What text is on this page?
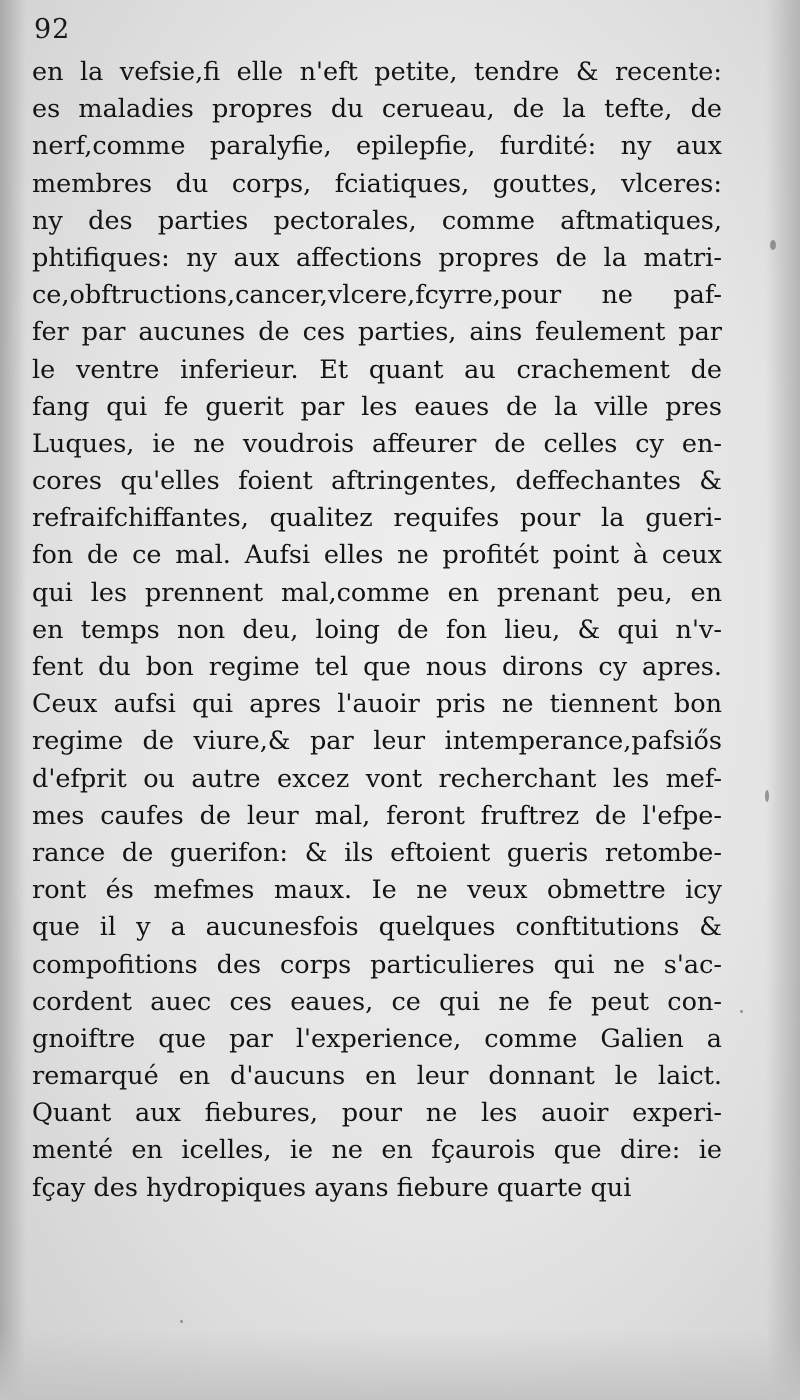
92
en la vefsie,fi elle n'eft petite, tendre & recente:
es maladies propres du cerueau, de la tefte, de
nerf,comme paralyfie, epilepfie, furdité: ny aux
membres du corps, fciatiques, gouttes, vlceres:
ny des parties pectorales, comme aftmatiques,
phtifiques: ny aux affections propres de la matri-
ce,obftructions,cancer,vlcere,fcyrre,pour ne paf-
fer par aucunes de ces parties, ains feulement par
le ventre inferieur. Et quant au crachement de
fang qui fe guerit par les eaues de la ville pres
Luques, ie ne voudrois affeurer de celles cy en-
cores qu'elles foient aftringentes, deffechantes &
refraifchiffantes, qualitez requifes pour la gueri-
fon de ce mal. Aufsi elles ne profitét point à ceux
qui les prennent mal,comme en prenant peu, en
en temps non deu, loing de fon lieu, & qui n'v-
fent du bon regime tel que nous dirons cy apres.
Ceux aufsi qui apres l'auoir pris ne tiennent bon
regime de viure,& par leur intemperance,pafsiős
d'efprit ou autre excez vont recherchant les mef-
mes caufes de leur mal, feront fruftrez de l'efpe-
rance de guerifon: & ils eftoient gueris retombe-
ront és mefmes maux. Ie ne veux obmettre icy
que il y a aucunesfois quelques conftitutions &
compofitions des corps particulieres qui ne s'ac-
cordent auec ces eaues, ce qui ne fe peut con-
gnoiftre que par l'experience, comme Galien a
remarqué en d'aucuns en leur donnant le laict.
Quant aux fiebures, pour ne les auoir experi-
menté en icelles, ie ne en fçaurois que dire: ie
fçay des hydropiques ayans fiebure quarte qui
